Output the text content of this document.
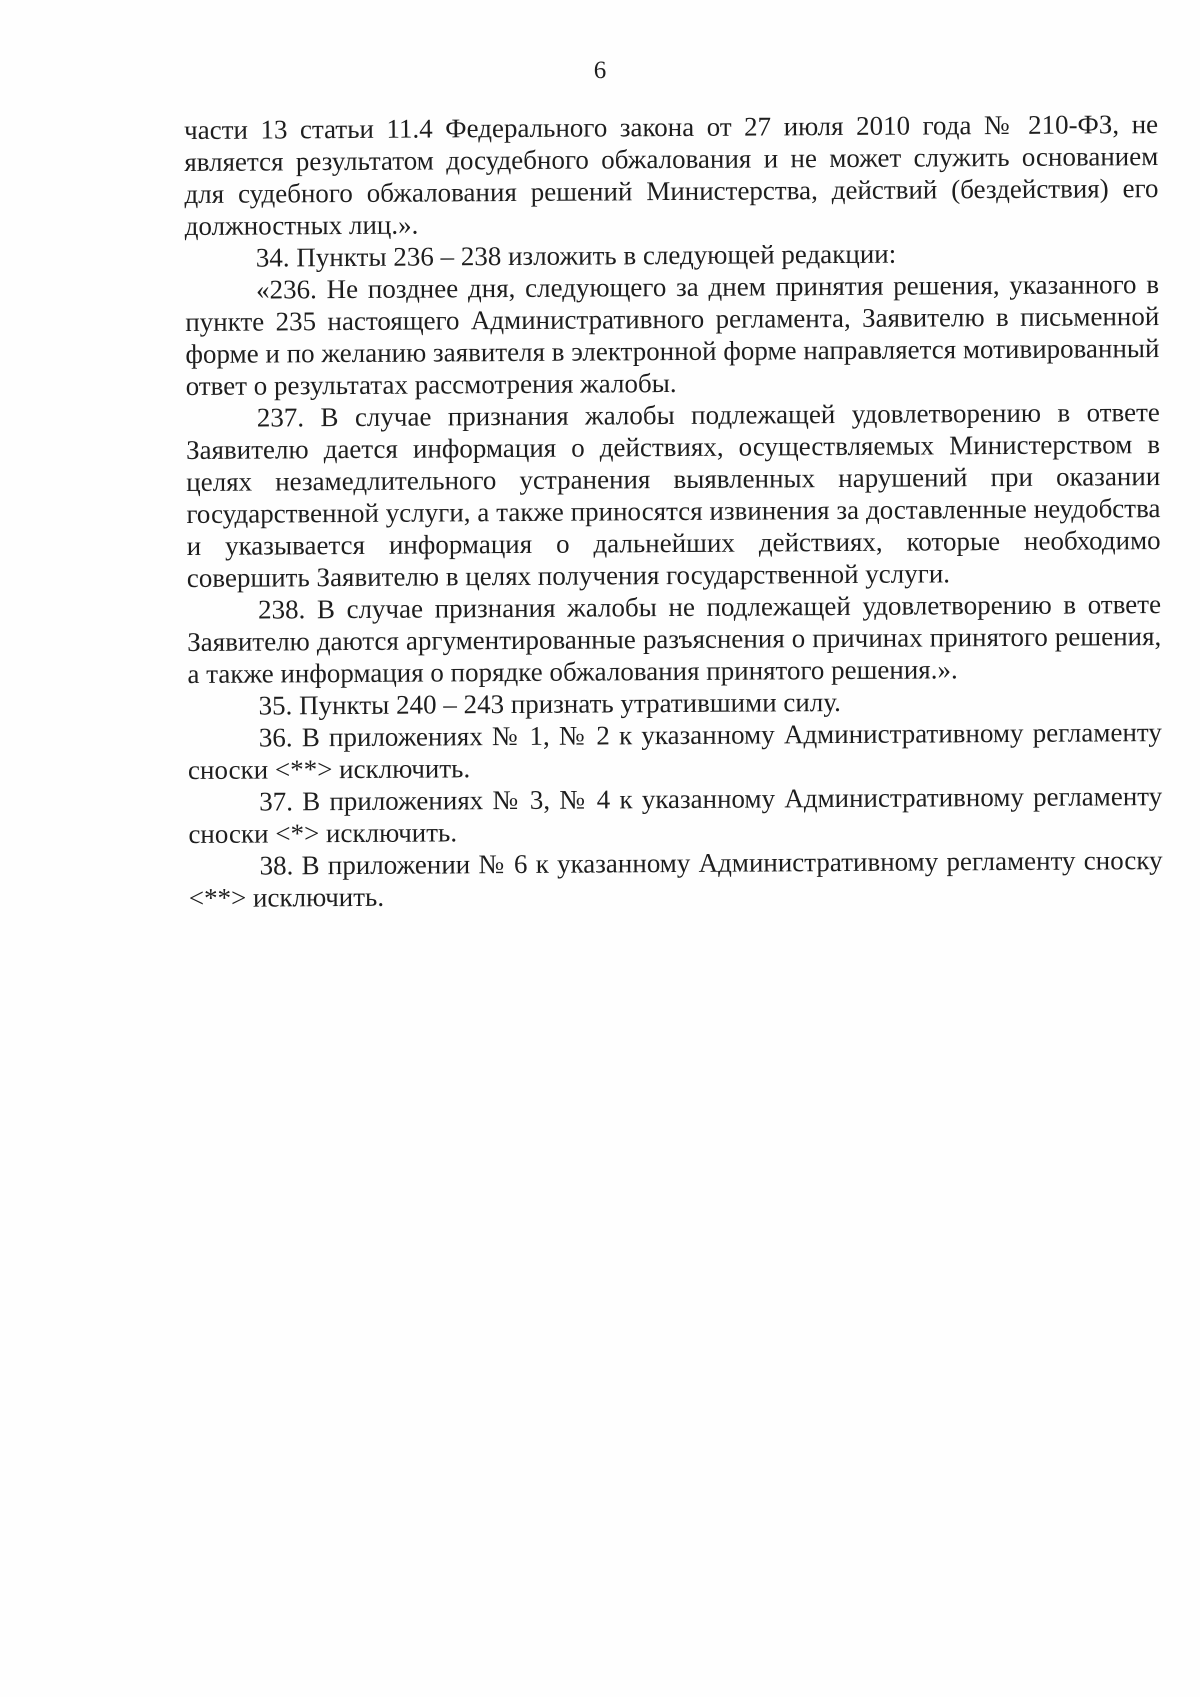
6

части 13 статьи 11.4 Федерального закона от 27 июля 2010 года № 210-ФЗ, не является результатом досудебного обжалования и не может служить основанием для судебного обжалования решений Министерства, действий (бездействия) его должностных лиц.».

34. Пункты 236 – 238 изложить в следующей редакции:

«236. Не позднее дня, следующего за днем принятия решения, указанного в пункте 235 настоящего Административного регламента, Заявителю в письменной форме и по желанию заявителя в электронной форме направляется мотивированный ответ о результатах рассмотрения жалобы.

237. В случае признания жалобы подлежащей удовлетворению в ответе Заявителю дается информация о действиях, осуществляемых Министерством в целях незамедлительного устранения выявленных нарушений при оказании государственной услуги, а также приносятся извинения за доставленные неудобства и указывается информация о дальнейших действиях, которые необходимо совершить Заявителю в целях получения государственной услуги.

238. В случае признания жалобы не подлежащей удовлетворению в ответе Заявителю даются аргументированные разъяснения о причинах принятого решения, а также информация о порядке обжалования принятого решения.».

35. Пункты 240 – 243 признать утратившими силу.

36. В приложениях № 1, № 2 к указанному Административному регламенту сноски <**> исключить.

37. В приложениях № 3, № 4 к указанному Административному регламенту сноски <*> исключить.

38. В приложении № 6 к указанному Административному регламенту сноску <**> исключить.
